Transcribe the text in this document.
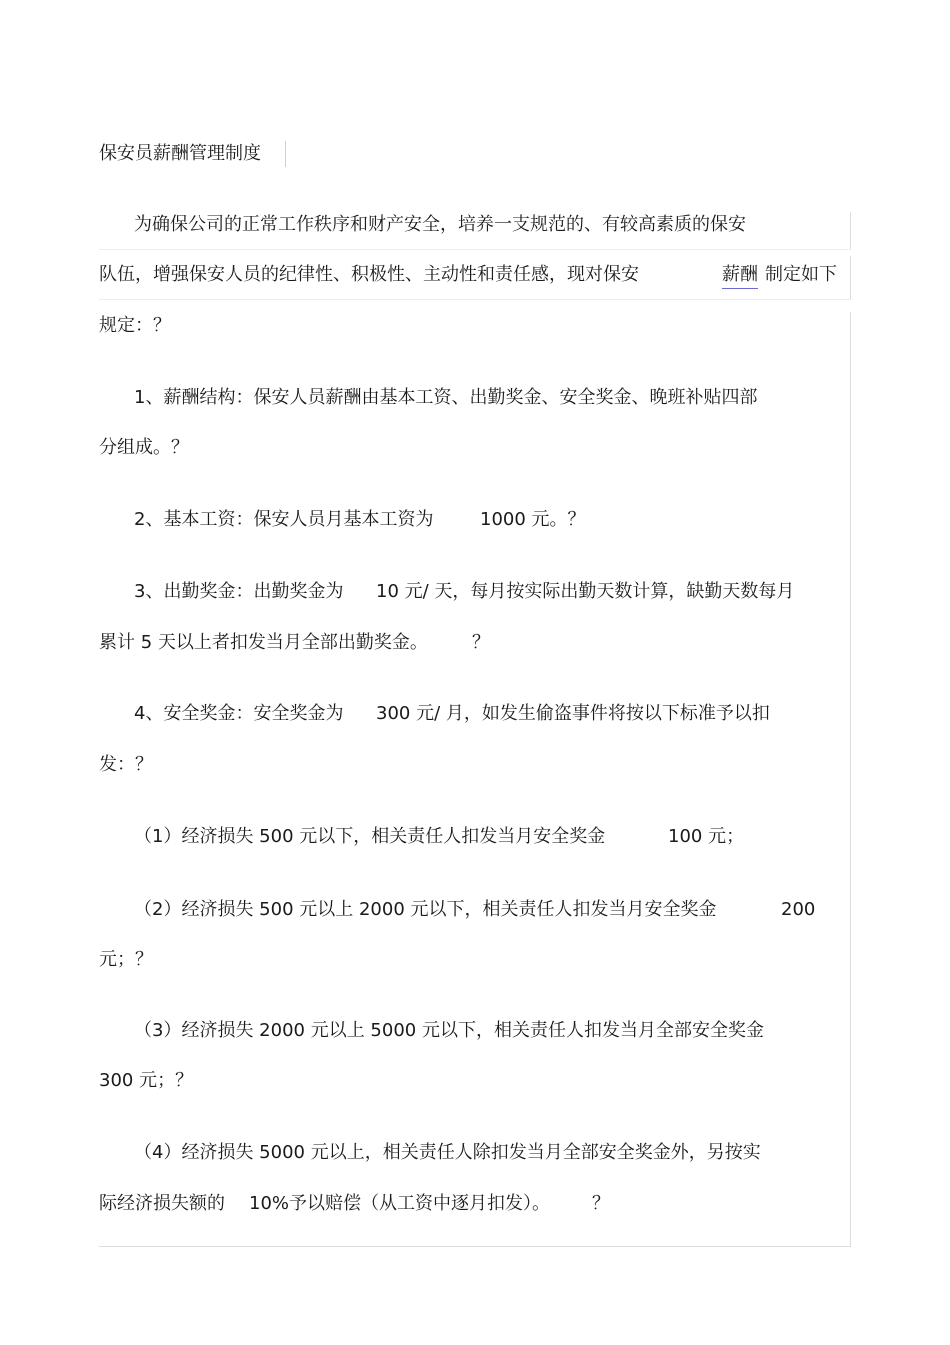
保安员薪酬管理制度
为确保公司的正常工作秩序和财产安全，培养一支规范的、有较高素质的保安
队伍，增强保安人员的纪律性、积极性、主动性和责任感，现对保安	薪酬 制定如下
规定：？
1、薪酬结构：保安人员薪酬由基本工资、出勤奖金、安全奖金、晚班补贴四部
分组成。？
2、基本工资：保安人员月基本工资为	1000 元。？
3、出勤奖金：出勤奖金为 10 元/ 天，每月按实际出勤天数计算，缺勤天数每月
累计 5 天以上者扣发当月全部出勤奖金。 ？
4、安全奖金：安全奖金为 300 元/ 月，如发生偷盗事件将按以下标准予以扣
发：？
（1）经济损失 500 元以下，相关责任人扣发当月安全奖金	100 元；
（2）经济损失 500 元以上 2000 元以下，相关责任人扣发当月安全奖金	200
元；？
（3）经济损失 2000 元以上 5000 元以下，相关责任人扣发当月全部安全奖金
300 元；？
（4）经济损失 5000 元以上，相关责任人除扣发当月全部安全奖金外，另按实
际经济损失额的 10%予以赔偿（从工资中逐月扣发）。 ？
